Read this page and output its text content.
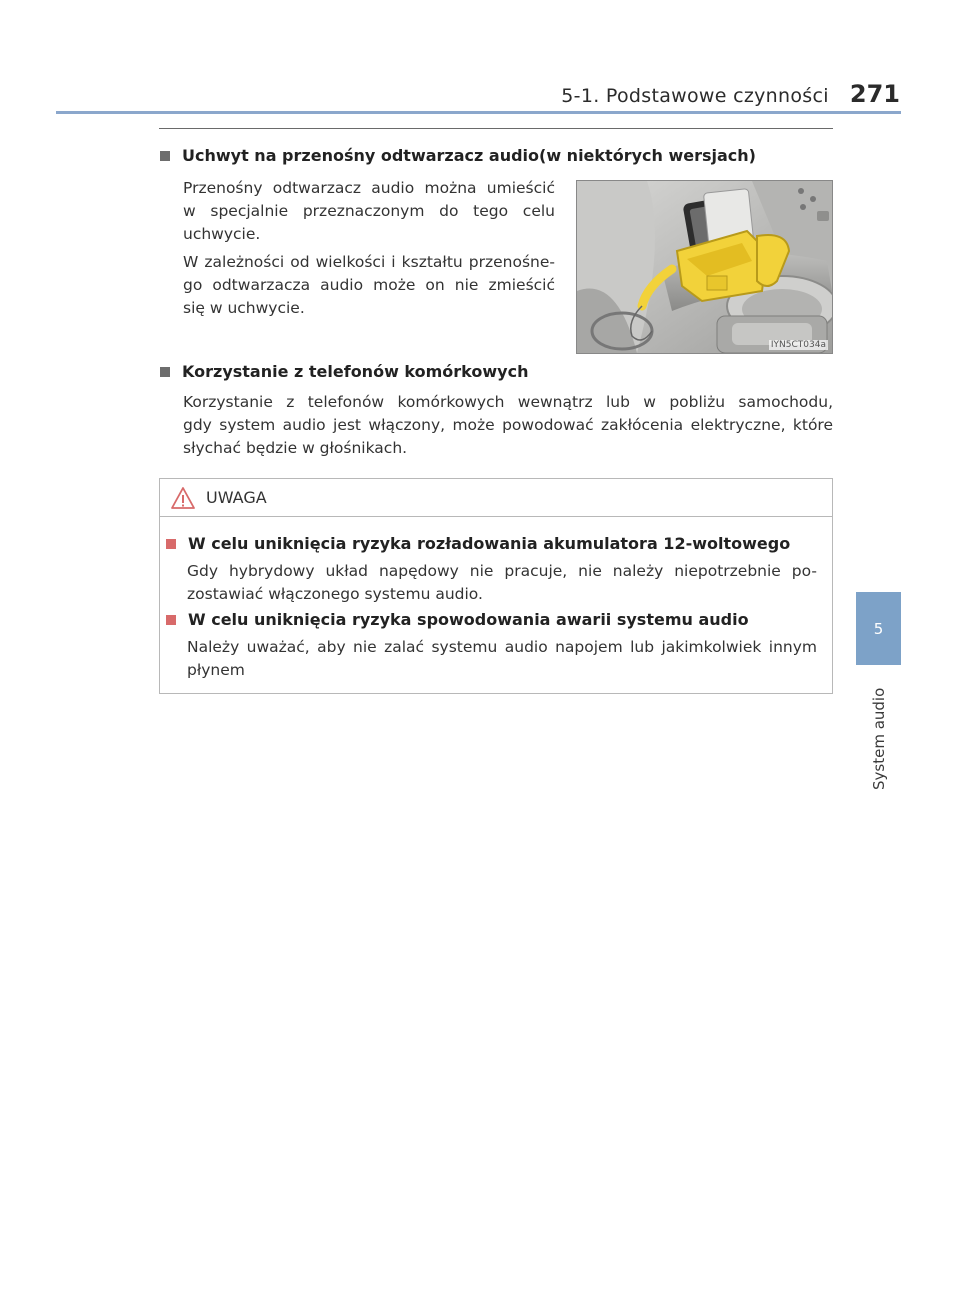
5-1. Podstawowe czynności 271
5
System audio
Uchwyt na przenośny odtwarzacz audio(w niektórych wersjach)
Przenośny odtwarzacz audio można umieścić
w specjalnie przeznaczonym do tego celu
uchwycie.
W zależności od wielkości i kształtu przenośne-
go odtwarzacza audio może on nie zmieścić
się w uchwycie.
IYN5CT034a
Korzystanie z telefonów komórkowych
Korzystanie z telefonów komórkowych wewnątrz lub w pobliżu samochodu,
gdy system audio jest włączony, może powodować zakłócenia elektryczne, które
słychać będzie w głośnikach.
UWAGA
W celu uniknięcia ryzyka rozładowania akumulatora 12-woltowego
Gdy hybrydowy układ napędowy nie pracuje, nie należy niepotrzebnie po-
zostawiać włączonego systemu audio.
W celu uniknięcia ryzyka spowodowania awarii systemu audio
Należy uważać, aby nie zalać systemu audio napojem lub jakimkolwiek innym
płynem
